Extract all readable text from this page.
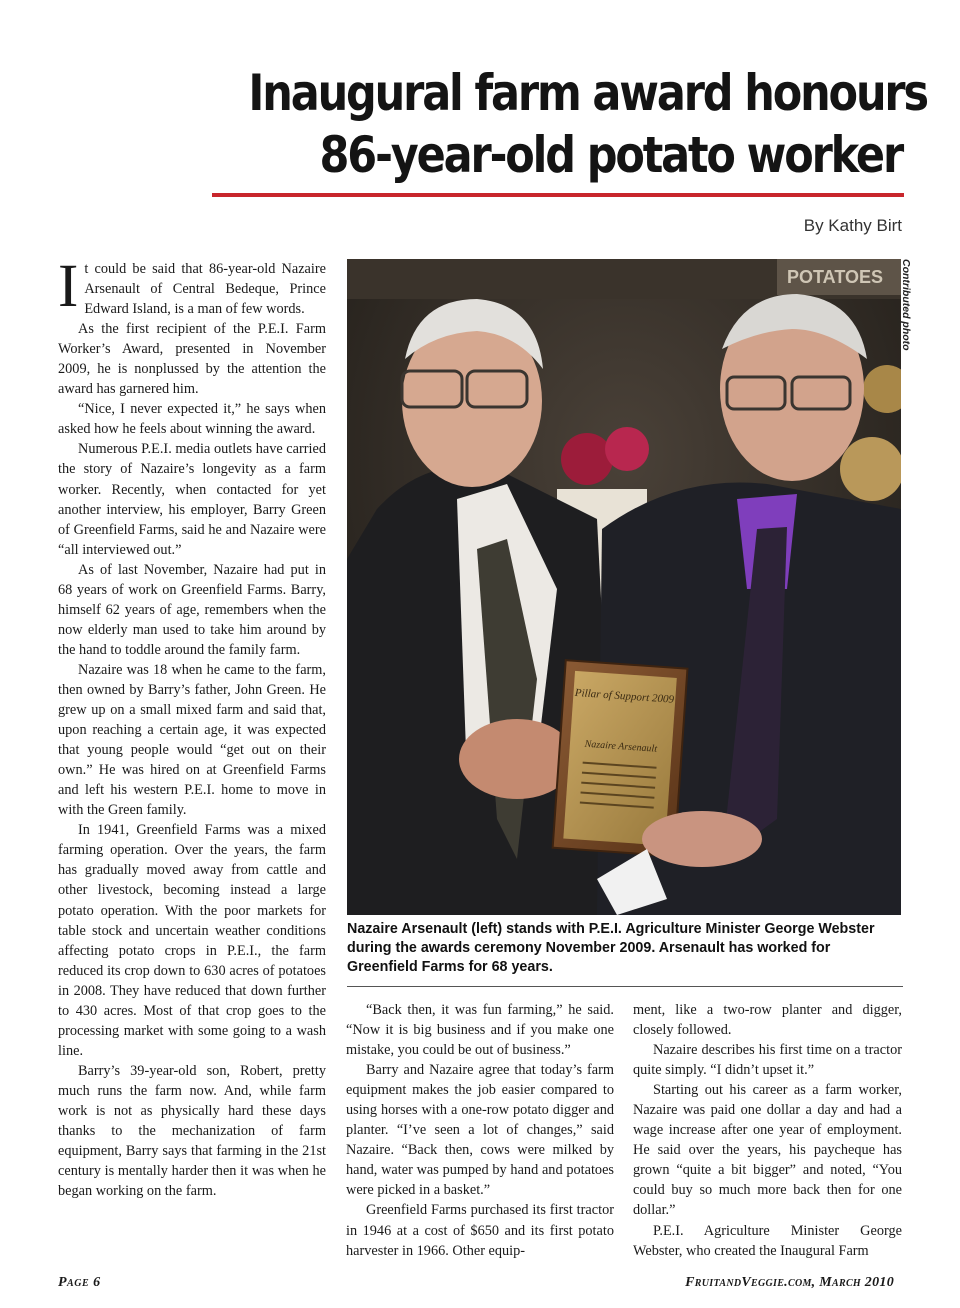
Inaugural farm award honours
86-year-old potato worker
By Kathy Birt

It could be said that 86-year-old Nazaire Arsenault of Central Bedeque, Prince Edward Island, is a man of few words.

As the first recipient of the P.E.I. Farm Worker’s Award, presented in November 2009, he is nonplussed by the attention the award has garnered him.

“Nice, I never expected it,” he says when asked how he feels about winning the award.

Numerous P.E.I. media outlets have carried the story of Nazaire’s longevity as a farm worker. Recently, when contacted for yet another interview, his employer, Barry Green of Greenfield Farms, said he and Nazaire were “all interviewed out.”

As of last November, Nazaire had put in 68 years of work on Greenfield Farms. Barry, himself 62 years of age, remembers when the now elderly man used to take him around by the hand to toddle around the family farm.

Nazaire was 18 when he came to the farm, then owned by Barry’s father, John Green. He grew up on a small mixed farm and said that, upon reaching a certain age, it was expected that young people would “get out on their own.” He was hired on at Greenfield Farms and left his western P.E.I. home to move in with the Green family.

In 1941, Greenfield Farms was a mixed farming operation. Over the years, the farm has gradually moved away from cattle and other livestock, becoming instead a large potato operation. With the poor markets for table stock and uncertain weather conditions affecting potato crops in P.E.I., the farm reduced its crop down to 630 acres of potatoes in 2008. They have reduced that down further to 430 acres. Most of that crop goes to the processing market with some going to a wash line.

Barry’s 39-year-old son, Robert, pretty much runs the farm now. And, while farm work is not as physically hard these days thanks to the mechanization of farm equipment, Barry says that farming in the 21st century is mentally harder then it was when he began working on the farm.

POTATOES
Pillar of Support 2009
Nazaire Arsenault
Contributed photo
Nazaire Arsenault (left) stands with P.E.I. Agriculture Minister George Webster during the awards ceremony November 2009. Arsenault has worked for Greenfield Farms for 68 years.

“Back then, it was fun farming,” he said. “Now it is big business and if you make one mistake, you could be out of business.”

Barry and Nazaire agree that today’s farm equipment makes the job easier compared to using horses with a one-row potato digger and planter. “I’ve seen a lot of changes,” said Nazaire. “Back then, cows were milked by hand, water was pumped by hand and potatoes were picked in a basket.”

Greenfield Farms purchased its first tractor in 1946 at a cost of $650 and its first potato harvester in 1966. Other equip-

ment, like a two-row planter and digger, closely followed.

Nazaire describes his first time on a tractor quite simply. “I didn’t upset it.”

Starting out his career as a farm worker, Nazaire was paid one dollar a day and had a wage increase after one year of employment. He said over the years, his paycheque has grown “quite a bit bigger” and noted, “You could buy so much more back then for one dollar.”

P.E.I. Agriculture Minister George Webster, who created the Inaugural Farm

Page 6	FruitandVeggie.com, March 2010
